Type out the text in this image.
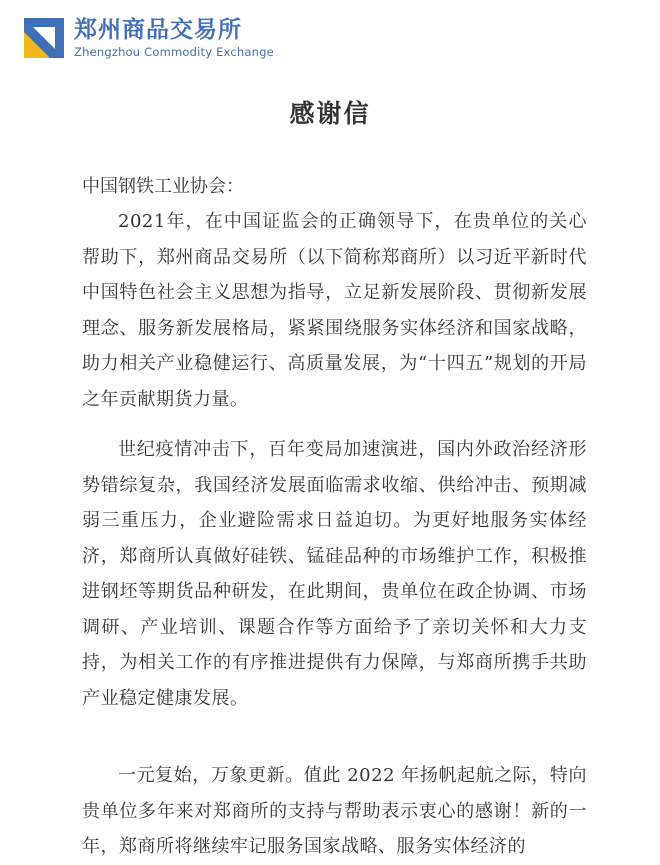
郑州商品交易所
Zhengzhou Commodity Exchange
感谢信
中国钢铁工业协会：

2021年，在中国证监会的正确领导下，在贵单位的关心帮助下，郑州商品交易所（以下简称郑商所）以习近平新时代中国特色社会主义思想为指导，立足新发展阶段、贯彻新发展理念、服务新发展格局，紧紧围绕服务实体经济和国家战略，助力相关产业稳健运行、高质量发展，为“十四五”规划的开局之年贡献期货力量。

世纪疫情冲击下，百年变局加速演进，国内外政治经济形势错综复杂，我国经济发展面临需求收缩、供给冲击、预期减弱三重压力，企业避险需求日益迫切。为更好地服务实体经济，郑商所认真做好硅铁、锰硅品种的市场维护工作，积极推进钢坯等期货品种研发，在此期间，贵单位在政企协调、市场调研、产业培训、课题合作等方面给予了亲切关怀和大力支持，为相关工作的有序推进提供有力保障，与郑商所携手共助产业稳定健康发展。

一元复始，万象更新。值此 2022 年扬帆起航之际，特向贵单位多年来对郑商所的支持与帮助表示衷心的感谢！新的一年，郑商所将继续牢记服务国家战略、服务实体经济的
